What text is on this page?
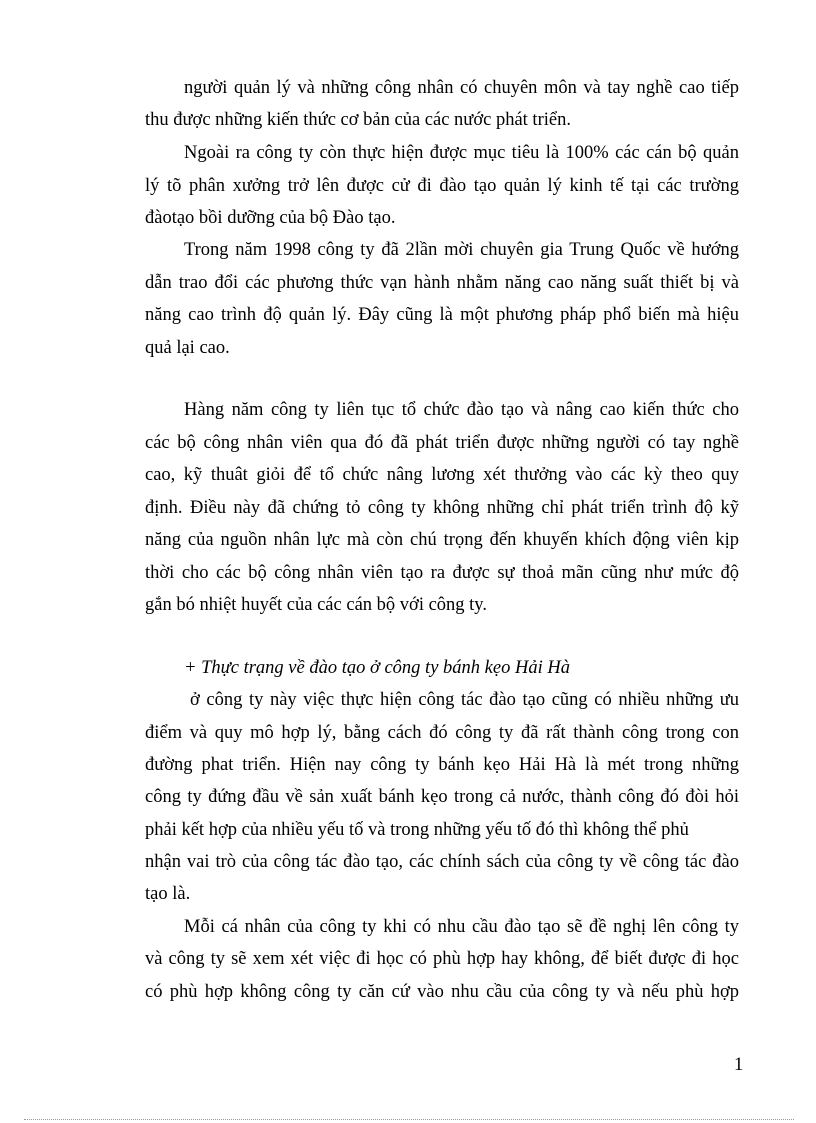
người quản lý và những công nhân có chuyên môn và tay nghề cao tiếp
thu được những kiến thức cơ bản của các nước phát triển.
Ngoài ra công ty còn thực hiện được mục tiêu là 100% các cán bộ quản
lý tõ phân xưởng trở lên được cử đi đào tạo quản lý kinh tế tại các trường
đàotạo bồi dưỡng của bộ Đào tạo.
Trong năm 1998 công ty đã 2lần mời chuyên gia Trung Quốc về hướng
dẫn trao đổi các phương thức vạn hành nhằm năng cao năng suất thiết bị và
năng cao trình độ quản lý. Đây cũng là một phương pháp phổ biến mà hiệu
quả lại cao.
Hàng năm công ty liên tục tổ chức đào tạo và nâng cao kiến thức cho
các bộ công nhân viên qua đó đã phát triển được những người có tay nghề
cao, kỹ thuât giỏi để tổ chức nâng lương xét thưởng vào các kỳ theo quy
định. Điều này đã chứng tỏ công ty không những chỉ phát triển trình độ kỹ
năng của nguồn nhân lực mà còn chú trọng đến khuyến khích động viên kịp
thời cho các bộ công nhân viên tạo ra được sự thoả mãn cũng như mức độ
gắn bó nhiệt huyết của các cán bộ với công ty.
+ Thực trạng về đào tạo ở công ty bánh kẹo Hải Hà
ở công ty này việc thực hiện công tác đào tạo cũng có nhiều những ưu
điểm và quy mô hợp lý, bằng cách đó công ty đã rất thành công trong con
đường phat triển. Hiện nay công ty bánh kẹo Hải Hà là mét trong những
công ty đứng đầu về sản xuất bánh kẹo trong cả nước, thành công đó đòi hỏi
phải kết hợp của nhiều yếu tố và trong những yếu tố đó thì không thể phủ
nhận vai trò của công tác đào tạo, các chính sách của công ty về công tác đào
tạo là.
Mỗi cá nhân của công ty khi có nhu cầu đào tạo sẽ đề nghị lên công ty
và công ty sẽ xem xét việc đi học có phù hợp hay không, để biết được đi học
có phù hợp không công ty căn cứ vào nhu cầu của công ty và nếu phù hợp
1
